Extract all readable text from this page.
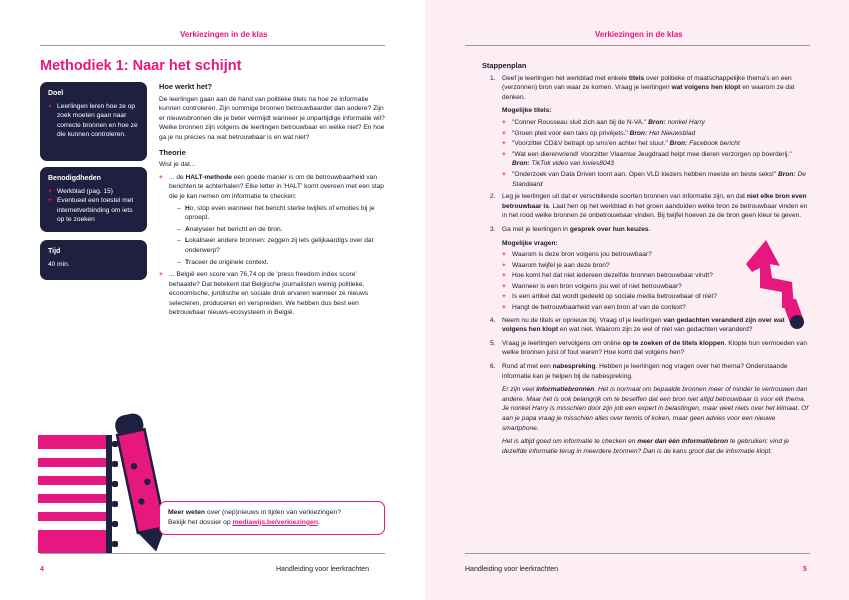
Verkiezingen in de klas
Methodiek 1: Naar het schijnt
Doel
+ Leerlingen leren hoe ze op zoek moeten gaan naar correcte bronnen en hoe ze die kunnen controleren.
Benodigdheden
+ Werkblad (pag. 15)
+ Eventueel een toestel met internetverbinding om iets op te zoeken
Tijd
40 min.
Hoe werkt het?

De leerlingen gaan aan de hand van politieke titels na hoe ze informatie kunnen controleren. Zijn sommige bronnen betrouwbaarder dan andere? Zijn er nieuwsbronnen die je beter vermijdt wanneer je onpartijdige informatie wil? Welke bronnen zijn volgens de leerlingen betrouwbaar en welke niet? En hoe ga je nu precies na wat betrouwbaar is en wat niet?

Theorie

Wist je dat...

+ ... de HALT-methode een goede manier is om de betrouwbaarheid van berichten te achterhalen? Elke letter in 'HALT' komt overeen met een stap die je kan nemen om informatie te checken:
– Ho, stop even wanneer het bericht sterke twijfels of emoties bij je oproept.
– Analyseer het bericht en de bron.
– Lokaliseer andere bronnen: zeggen zij iets gelijkaardigs over dat onderwerp?
– Traceer de originele context.
+ ... België een score van 76,74 op de 'press freedom index score' behaalde? Dat betekent dat Belgische journalisten weinig politieke, economische, juridische en sociale druk ervaren wanneer ze nieuws selecteren, produceren en verspreiden. We hebben dus best een betrouwbaar nieuws-ecosysteem in België.
Meer weten over (nep)nieuws in tijden van verkiezingen?
Bekijk het dossier op mediawijs.be/verkiezingen.
4	Handleiding voor leerkrachten
Verkiezingen in de klas
Stappenplan
1. Geef je leerlingen het werkblad met enkele titels over politieke of maatschappelijke thema's en een (verzonnen) bron van waar ze komen. Vraag je leerlingen wat volgens hen klopt en waarom ze dat denken.
Mogelijke titels:
+ "Conner Rousseau sluit zich aan bij de N-VA." Bron: nonkel Harry
+ "Groen pleit voor een taks op privéjets." Bron: Het Nieuwsblad
+ "Voorzitter CD&V betrapt op sms'en achter het stuur." Bron: Facebook bericht
+ "Wat een dierenvriend! Voorzitter Vlaamse Jeugdraad helpt mee dieren verzorgen op boerderij." Bron: TikTok video van lovies8043
+ "Onderzoek van Data Driven toont aan: Open VLD kiezers hebben meeste en beste seks!" Bron: De Standaard
2. Leg je leerlingen uit dat er verschillende soorten bronnen van informatie zijn, en dat niet elke bron even betrouwbaar is. Laat hen op het werkblad in het groen aanduiden welke bron ze betrouwbaar vinden en in het rood welke bronnen ze onbetrouwbaar vinden. Bij twijfel hoeven ze de bron geen kleur te geven.
3. Ga met je leerlingen in gesprek over hun keuzes.
Mogelijke vragen:
+ Waarom is deze bron volgens jou betrouwbaar?
+ Waarom twijfel je aan deze bron?
+ Hoe komt het dat niet iedereen dezelfde bronnen betrouwbaar vindt?
+ Wanneer is een bron volgens jou wel of niet betrouwbaar?
+ Is een artikel dat wordt gedeeld op sociale media betrouwbaar of niet?
+ Hangt de betrouwbaarheid van een bron af van de context?
4. Neem nu de titels er opnieuw bij. Vraag of je leerlingen van gedachten veranderd zijn over wat volgens hen klopt en wat niet. Waarom zijn ze wel of niet van gedachten veranderd?
5. Vraag je leerlingen vervolgens om online op te zoeken of de titels kloppen. Klopte hun vermoeden van welke bronnen juist of fout waren? Hoe komt dat volgens hen?
6. Rond af met een nabespreking. Hebben je leerlingen nog vragen over het thema? Onderstaande informatie kan je helpen bij de nabespreking.
Er zijn veel informatiebronnen. Het is normaal om bepaalde bronnen meer of minder te vertrouwen dan andere. Maar het is ook belangrijk om te beseffen dat een bron niet altijd betrouwbaar is voor elk thema. Je nonkel Harry is misschien door zijn job een expert in belastingen, maar weet niets over het klimaat. Of aan je papa vraag je misschien alles over tennis of koken, maar geen advies voor een nieuwe smartphone.
Het is altijd goed om informatie te checken en meer dan één informatiebron te gebruiken: vind je dezelfde informatie terug in meerdere bronnen? Dan is de kans groot dat de informatie klopt.
Handleiding voor leerkrachten	5
